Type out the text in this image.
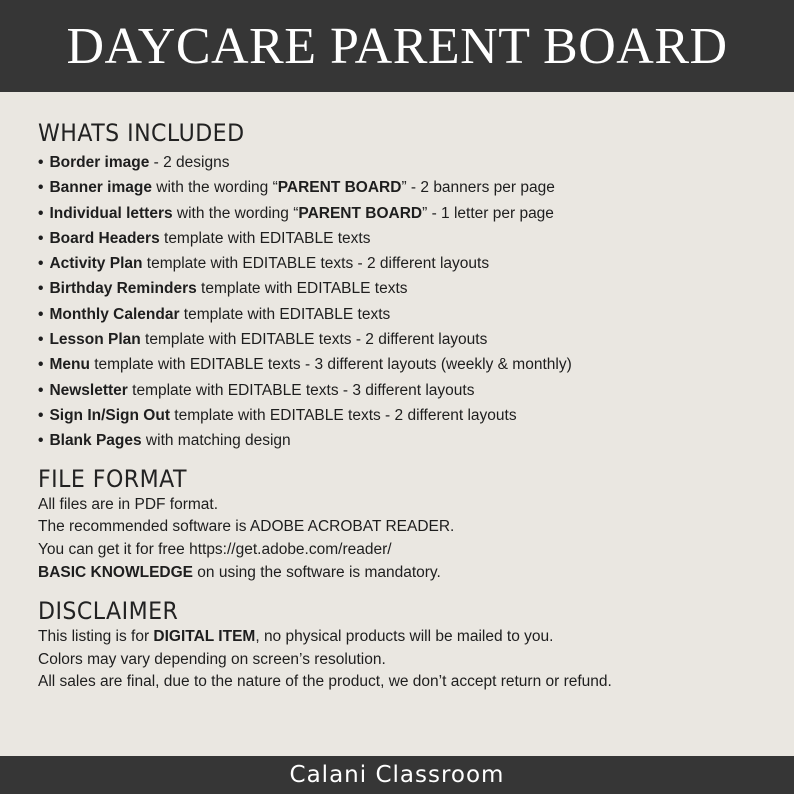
DAYCARE PARENT BOARD
WHATS INCLUDED
• Border image - 2 designs
• Banner image with the wording “PARENT BOARD” - 2 banners per page
• Individual letters with the wording “PARENT BOARD” - 1 letter per page
• Board Headers template with EDITABLE texts
• Activity Plan template with EDITABLE texts - 2 different layouts
• Birthday Reminders template with EDITABLE texts
• Monthly Calendar template with EDITABLE texts
• Lesson Plan template with EDITABLE texts - 2 different layouts
• Menu template with EDITABLE texts - 3 different layouts (weekly & monthly)
• Newsletter template with EDITABLE texts - 3 different layouts
• Sign In/Sign Out template with EDITABLE texts - 2 different layouts
• Blank Pages with matching design
FILE FORMAT
All files are in PDF format.
The recommended software is ADOBE ACROBAT READER.
You can get it for free https://get.adobe.com/reader/
BASIC KNOWLEDGE on using the software is mandatory.
DISCLAIMER
This listing is for DIGITAL ITEM, no physical products will be mailed to you.
Colors may vary depending on screen’s resolution.
All sales are final, due to the nature of the product, we don’t accept return or refund.
Calani Classroom
